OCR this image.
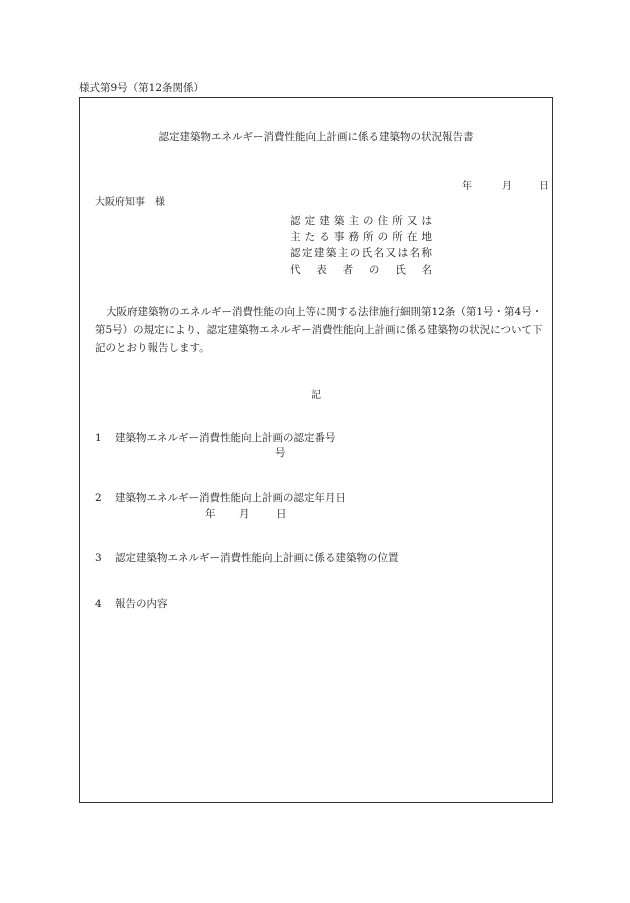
様式第9号（第12条関係）
認定建築物エネルギー消費性能向上計画に係る建築物の状況報告書
年	月	日
大阪府知事　様
認定建築主の住所又は
主たる事務所の所在地
認定建築主の氏名又は名称
代　表　者　の　氏　名
大阪府建築物のエネルギー消費性能の向上等に関する法律施行細則第12条（第1号・第4号・第5号）の規定により、認定建築物エネルギー消費性能向上計画に係る建築物の状況について下記のとおり報告します。
記
1 建築物エネルギー消費性能向上計画の認定番号
号
2 建築物エネルギー消費性能向上計画の認定年月日
年 月	日
3 認定建築物エネルギー消費性能向上計画に係る建築物の位置
4 報告の内容
